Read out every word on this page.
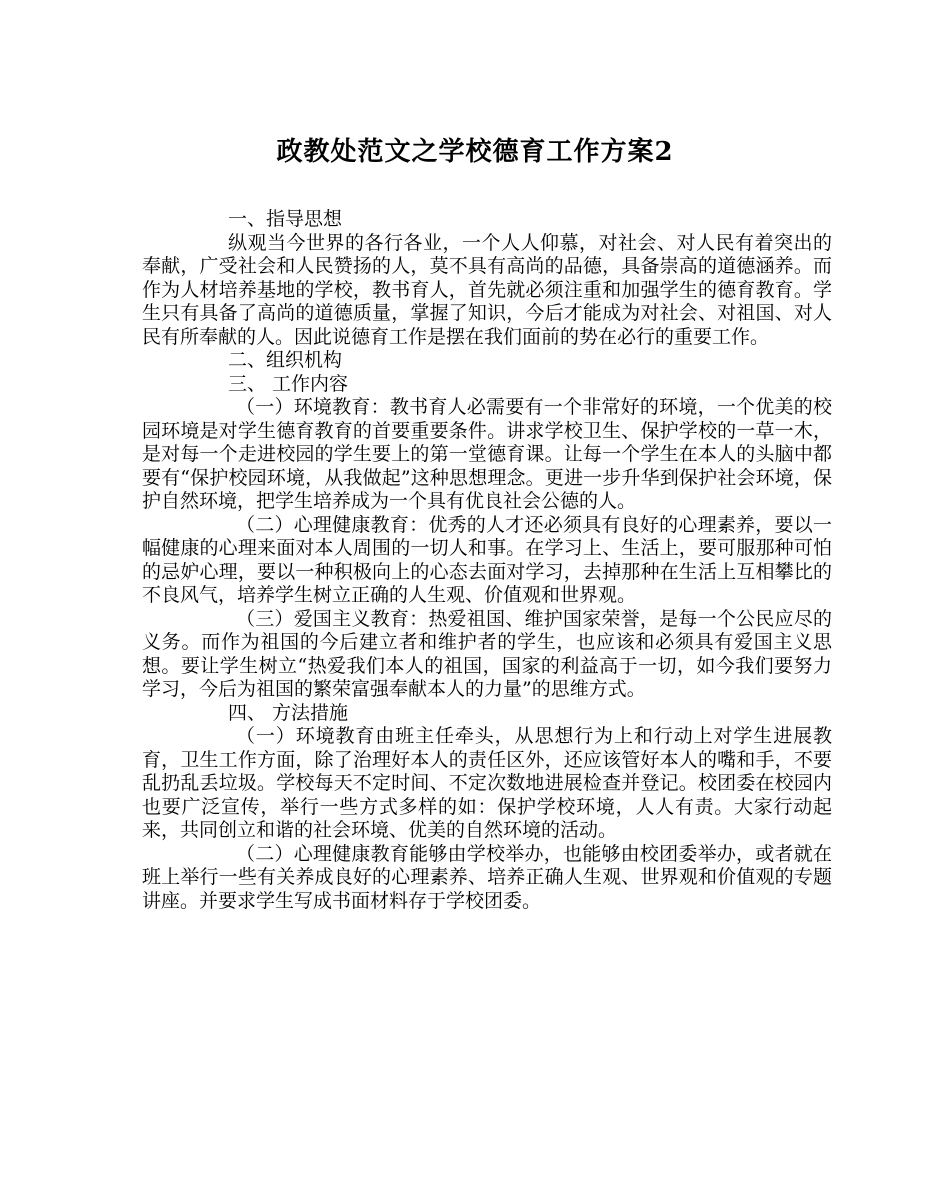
政教处范文之学校德育工作方案2

一、指导思想

纵观当今世界的各行各业，一个人人仰慕，对社会、对人民有着突出的奉献，广受社会和人民赞扬的人，莫不具有高尚的品德，具备崇高的道德涵养。而作为人材培养基地的学校，教书育人，首先就必须注重和加强学生的德育教育。学生只有具备了高尚的道德质量，掌握了知识，今后才能成为对社会、对祖国、对人民有所奉献的人。因此说德育工作是摆在我们面前的势在必行的重要工作。

二、组织机构

三、 工作内容

（一）环境教育：教书育人必需要有一个非常好的环境，一个优美的校园环境是对学生德育教育的首要重要条件。讲求学校卫生、保护学校的一草一木，是对每一个走进校园的学生要上的第一堂德育课。让每一个学生在本人的头脑中都要有“保护校园环境，从我做起”这种思想理念。更进一步升华到保护社会环境，保护自然环境，把学生培养成为一个具有优良社会公德的人。

（二）心理健康教育：优秀的人才还必须具有良好的心理素养，要以一幅健康的心理来面对本人周围的一切人和事。在学习上、生活上，要可服那种可怕的忌妒心理，要以一种积极向上的心态去面对学习，去掉那种在生活上互相攀比的不良风气，培养学生树立正确的人生观、价值观和世界观。

（三）爱国主义教育：热爱祖国、维护国家荣誉，是每一个公民应尽的义务。而作为祖国的今后建立者和维护者的学生，也应该和必须具有爱国主义思想。要让学生树立“热爱我们本人的祖国，国家的利益高于一切，如今我们要努力学习，今后为祖国的繁荣富强奉献本人的力量”的思维方式。

四、 方法措施

（一）环境教育由班主任牵头，从思想行为上和行动上对学生进展教育，卫生工作方面，除了治理好本人的责任区外，还应该管好本人的嘴和手，不要乱扔乱丢垃圾。学校每天不定时间、不定次数地进展检查并登记。校团委在校园内也要广泛宣传，举行一些方式多样的如：保护学校环境，人人有责。大家行动起来，共同创立和谐的社会环境、优美的自然环境的活动。

（二）心理健康教育能够由学校举办，也能够由校团委举办，或者就在班上举行一些有关养成良好的心理素养、培养正确人生观、世界观和价值观的专题讲座。并要求学生写成书面材料存于学校团委。
